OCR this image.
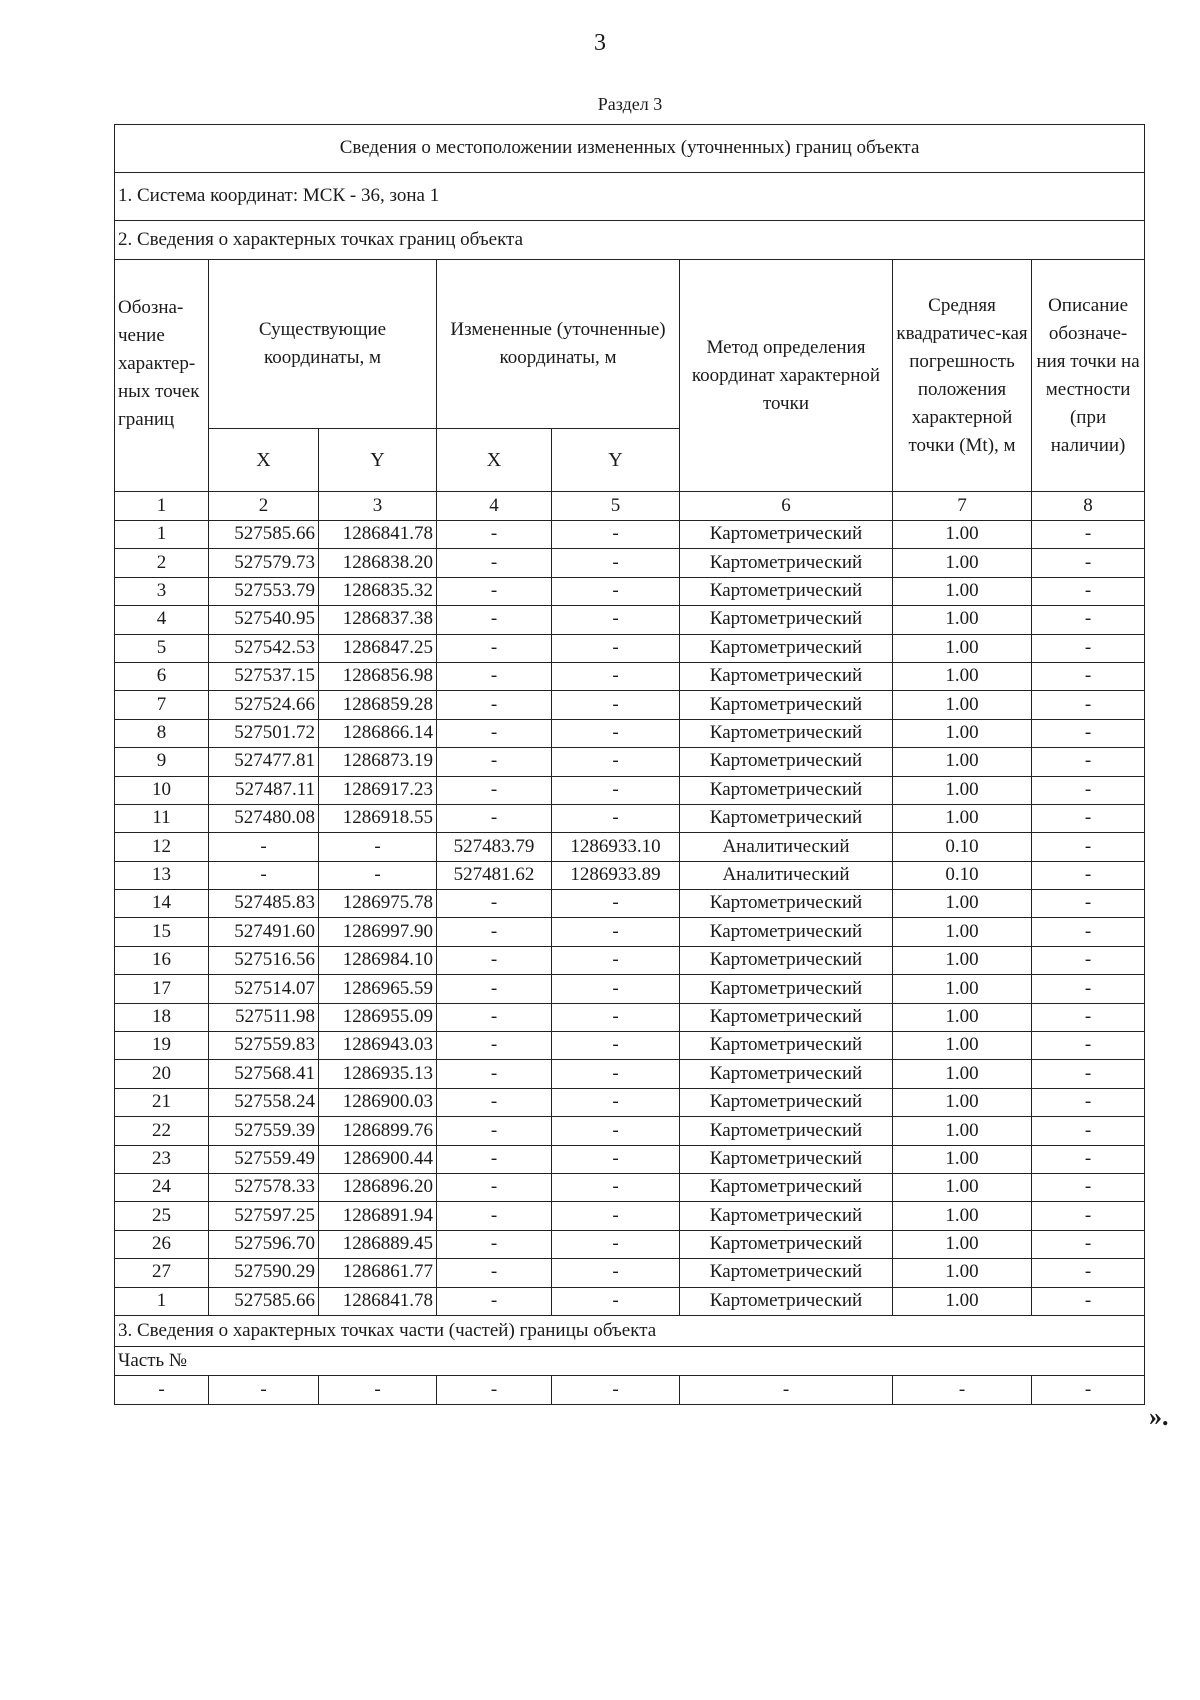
3
Раздел 3
Сведения о местоположении измененных (уточненных) границ объекта							
1. Система координат: МСК - 36, зона 1							
2. Сведения о характерных точках границ объекта							
Обозна-чение характер-ных точек границ	Существующие координаты, м		Измененные (уточненные) координаты, м		Метод определения координат характерной точки	Средняя квадратичес-кая погрешность положения характерной точки (Mt), м	Описание обозначе-ния точки на местности (при наличии)
	X	Y	X	Y			
1	2	3	4	5	6	7	8
1	527585.66	1286841.78	-	-	Картометрический	1.00	-
2	527579.73	1286838.20	-	-	Картометрический	1.00	-
3	527553.79	1286835.32	-	-	Картометрический	1.00	-
4	527540.95	1286837.38	-	-	Картометрический	1.00	-
5	527542.53	1286847.25	-	-	Картометрический	1.00	-
6	527537.15	1286856.98	-	-	Картометрический	1.00	-
7	527524.66	1286859.28	-	-	Картометрический	1.00	-
8	527501.72	1286866.14	-	-	Картометрический	1.00	-
9	527477.81	1286873.19	-	-	Картометрический	1.00	-
10	527487.11	1286917.23	-	-	Картометрический	1.00	-
11	527480.08	1286918.55	-	-	Картометрический	1.00	-
12	-	-	527483.79	1286933.10	Аналитический	0.10	-
13	-	-	527481.62	1286933.89	Аналитический	0.10	-
14	527485.83	1286975.78	-	-	Картометрический	1.00	-
15	527491.60	1286997.90	-	-	Картометрический	1.00	-
16	527516.56	1286984.10	-	-	Картометрический	1.00	-
17	527514.07	1286965.59	-	-	Картометрический	1.00	-
18	527511.98	1286955.09	-	-	Картометрический	1.00	-
19	527559.83	1286943.03	-	-	Картометрический	1.00	-
20	527568.41	1286935.13	-	-	Картометрический	1.00	-
21	527558.24	1286900.03	-	-	Картометрический	1.00	-
22	527559.39	1286899.76	-	-	Картометрический	1.00	-
23	527559.49	1286900.44	-	-	Картометрический	1.00	-
24	527578.33	1286896.20	-	-	Картометрический	1.00	-
25	527597.25	1286891.94	-	-	Картометрический	1.00	-
26	527596.70	1286889.45	-	-	Картометрический	1.00	-
27	527590.29	1286861.77	-	-	Картометрический	1.00	-
1	527585.66	1286841.78	-	-	Картометрический	1.00	-
3. Сведения о характерных точках части (частей) границы объекта							
Часть №							
-	-	-	-	-	-	-	-
».
